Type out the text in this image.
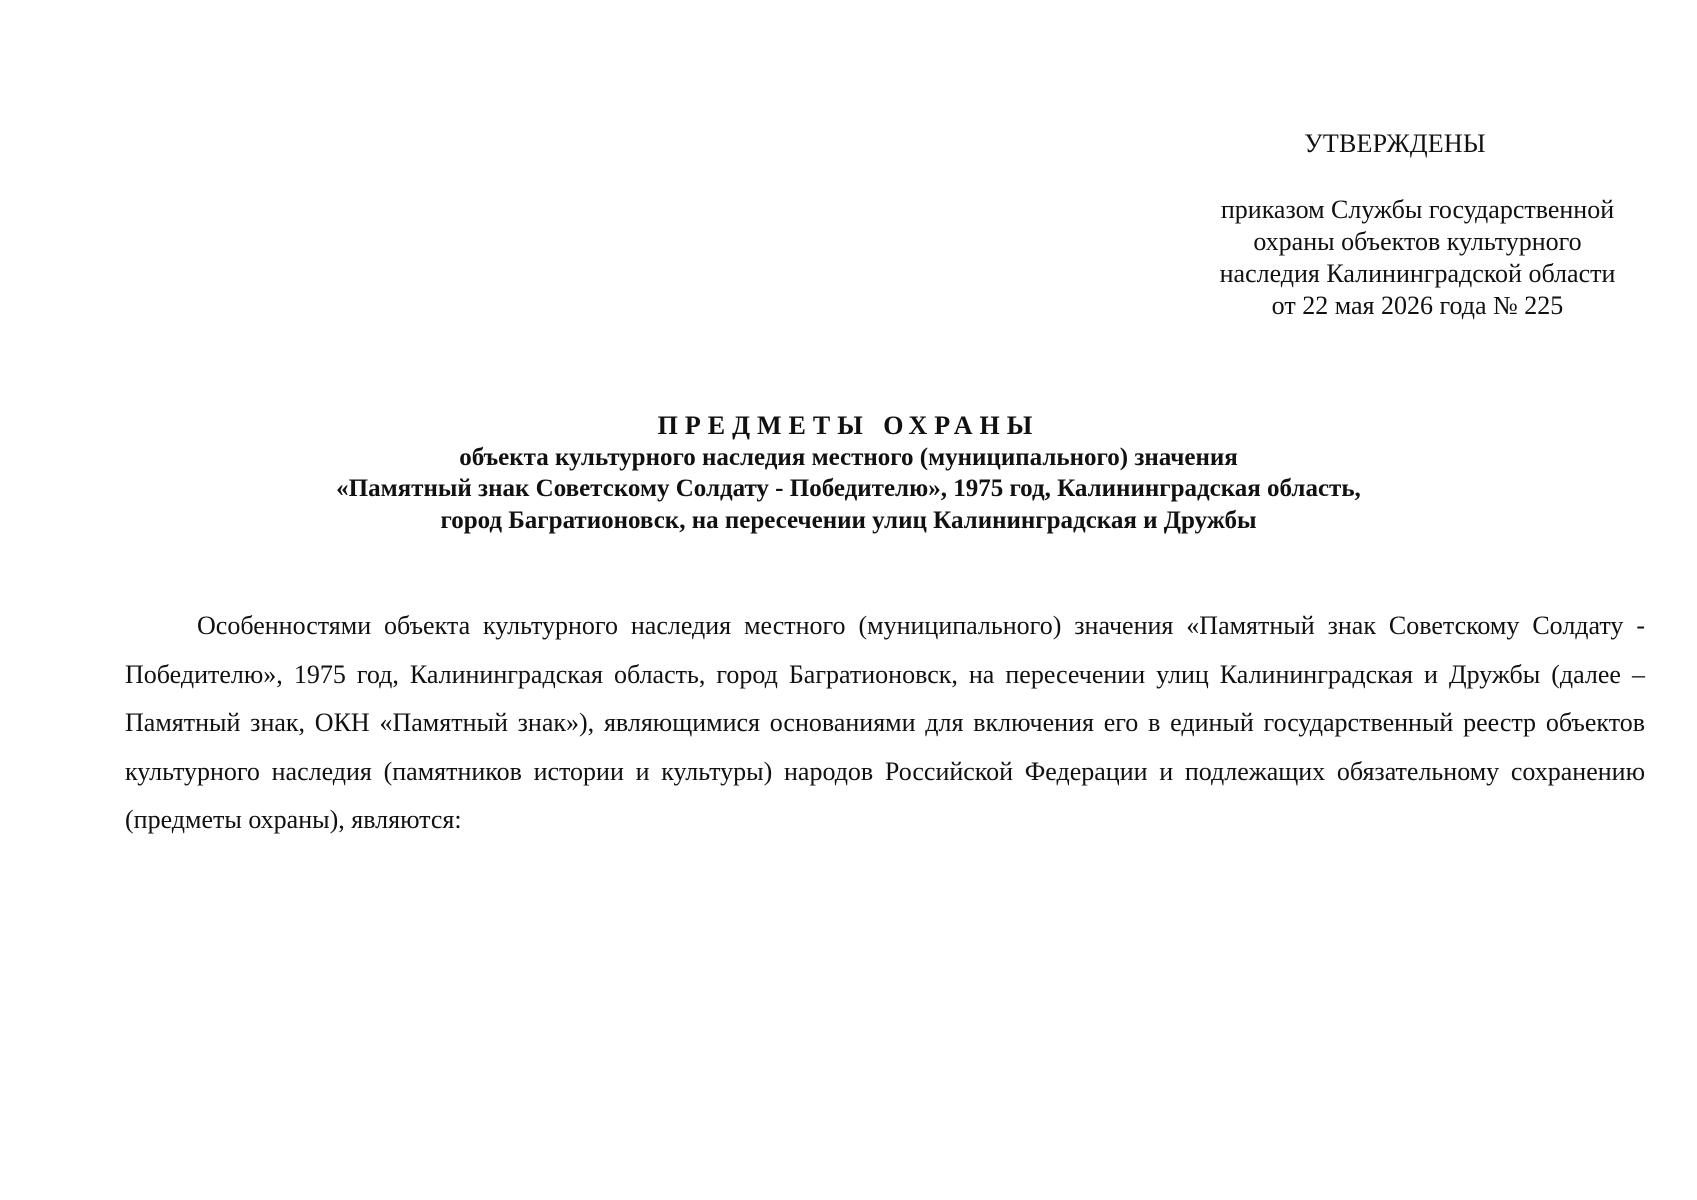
УТВЕРЖДЕНЫ
приказом Службы государственной
охраны объектов культурного
наследия Калининградской области
от 22 мая 2026 года № 225
ПРЕДМЕТЫ ОХРАНЫ
объекта культурного наследия местного (муниципального) значения
«Памятный знак Советскому Солдату - Победителю», 1975 год, Калининградская область,
город Багратионовск, на пересечении улиц Калининградская и Дружбы
Особенностями объекта культурного наследия местного (муниципального) значения «Памятный знак Советскому Солдату - Победителю», 1975 год, Калининградская область, город Багратионовск, на пересечении улиц Калининградская и Дружбы (далее – Памятный знак, ОКН «Памятный знак»), являющимися основаниями для включения его в единый государственный реестр объектов культурного наследия (памятников истории и культуры) народов Российской Федерации и подлежащих обязательному сохранению (предметы охраны), являются:
